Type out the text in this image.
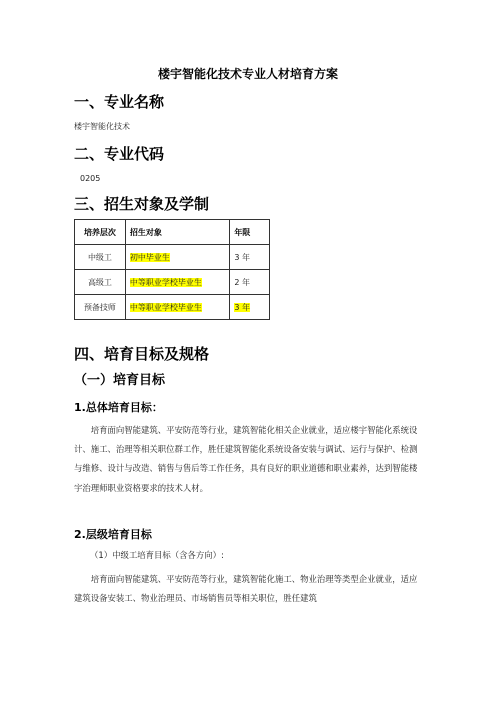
楼宇智能化技术专业人材培育方案
一、专业名称
楼宇智能化技术
二、专业代码
0205
三、招生对象及学制
培养层次	招生对象	年限
中级工	初中毕业生	3 年
高级工	中等职业学校毕业生	2 年
预备技师	中等职业学校毕业生	3 年
四、培育目标及规格
（一）培育目标
1.总体培育目标：

培育面向智能建筑、平安防范等行业，建筑智能化相关企业就业，适应楼宇智能化系统设计、施工、治理等相关职位群工作，胜任建筑智能化系统设备安装与调试、运行与保护、检测与维修、设计与改造、销售与售后等工作任务，具有良好的职业道德和职业素养，达到智能楼宇治理师职业资格要求的技术人材。

2.层级培育目标
（1）中级工培育目标（含各方向）:

培育面向智能建筑、平安防范等行业，建筑智能化施工、物业治理等类型企业就业，适应建筑设备安装工、物业治理员、市场销售员等相关职位，胜任建筑
